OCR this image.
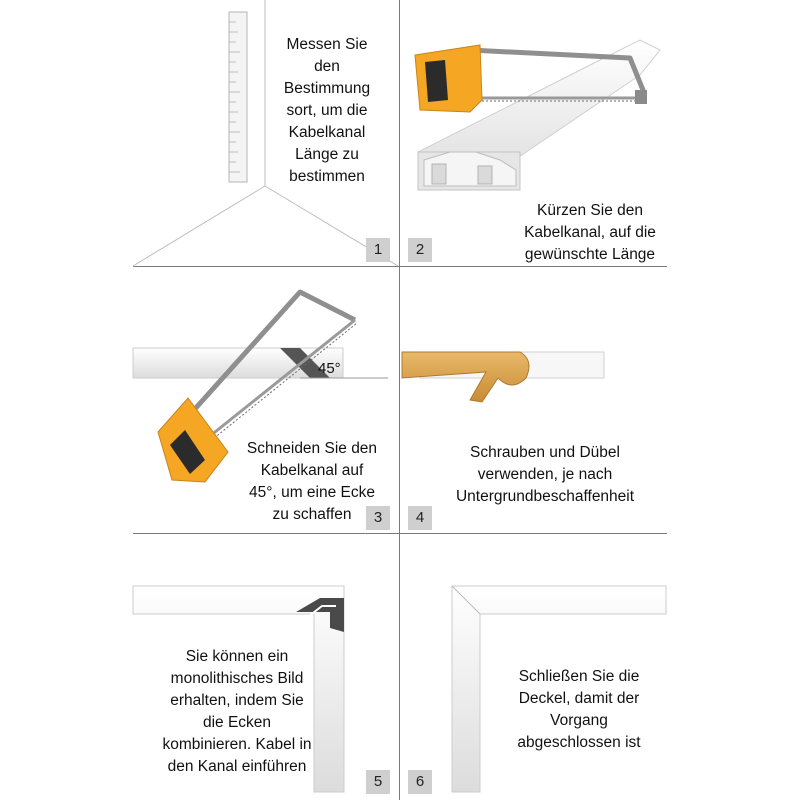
Messen Sie
den
Bestimmung
sort, um die
Kabelkanal
Länge zu
bestimmen
1
Kürzen Sie den
Kabelkanal, auf die
gewünschte Länge
2
45°
Schneiden Sie den
Kabelkanal auf
45°, um eine Ecke
zu schaffen	3
Schrauben und Dübel
verwenden, je nach
Untergrundbeschaffenheit
4
Sie können ein
monolithisches Bild
erhalten, indem Sie
die Ecken
kombinieren. Kabel in
den Kanal einführen
5
Schließen Sie die
Deckel, damit der
Vorgang
abgeschlossen ist
6
